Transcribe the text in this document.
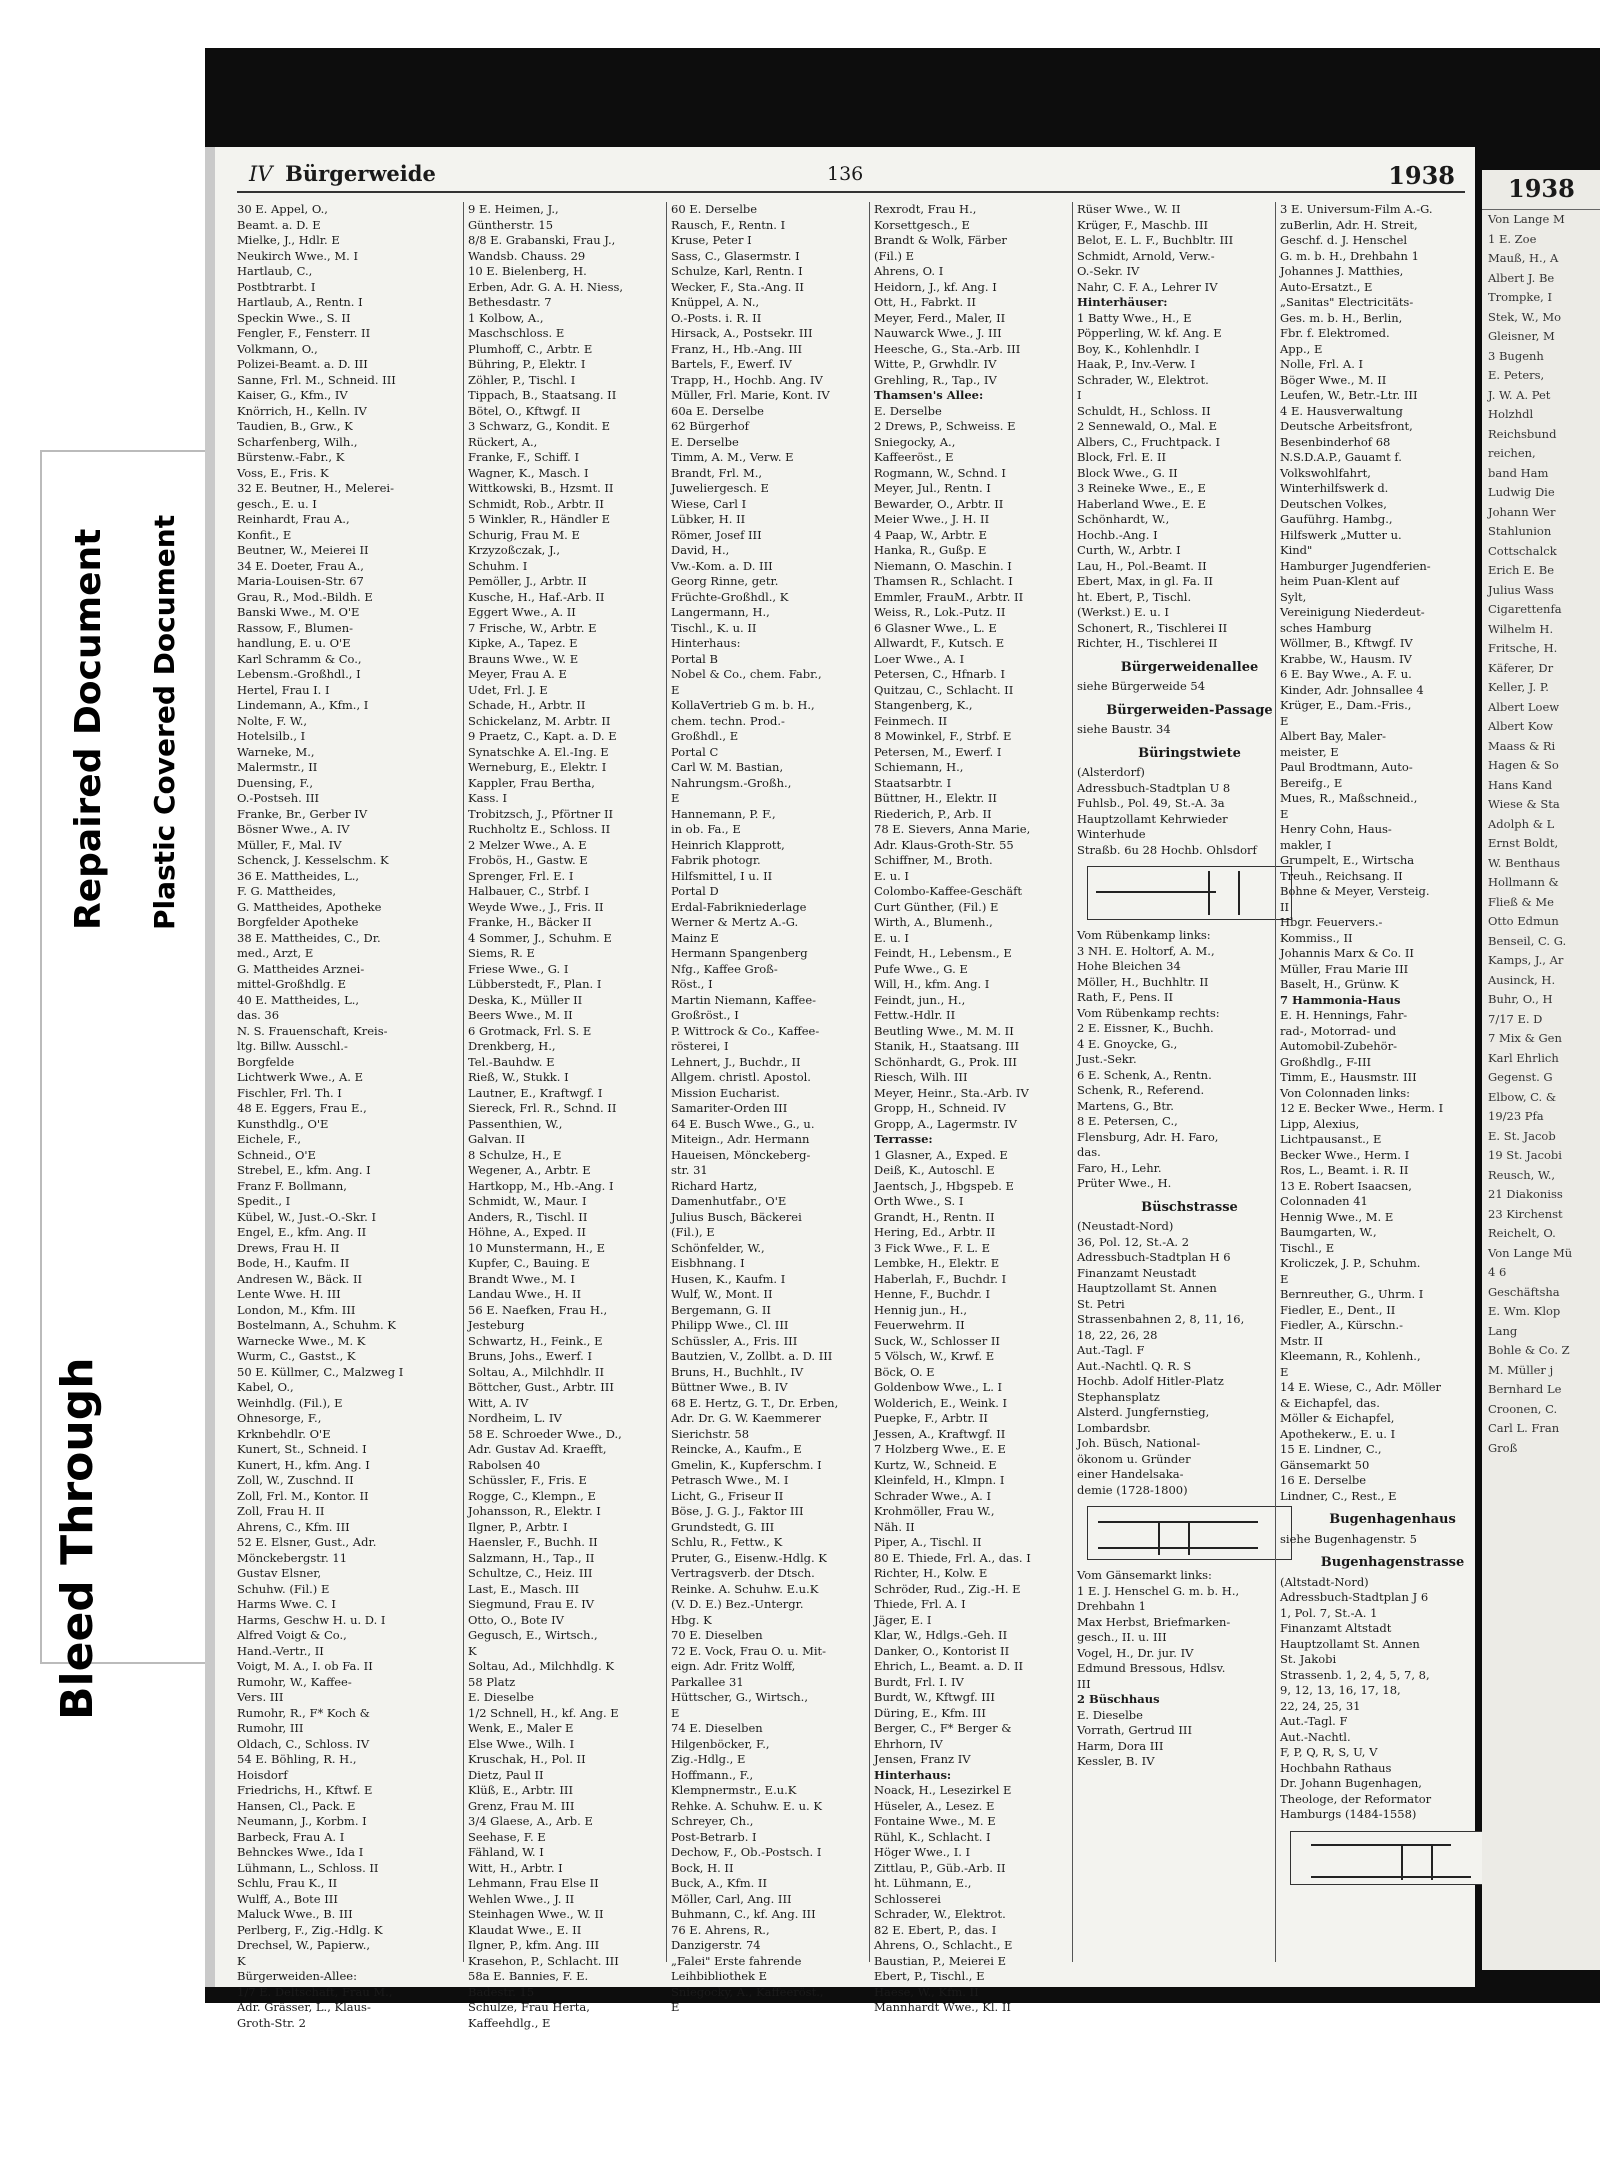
Bleed Through
Repaired Document Plastic Covered Document
IV Bürgerweide	136	1938
30 E. Appel, O.,
Beamt. a. D. E
Mielke, J., Hdlr. E
Neukirch Wwe., M. I
Hartlaub, C.,
Postbtrarbt. I
Hartlaub, A., Rentn. I
Speckin Wwe., S. II
Fengler, F., Fensterr. II
Volkmann, O.,
Polizei-Beamt. a. D. III
Sanne, Frl. M., Schneid. III
Kaiser, G., Kfm., IV
Knörrich, H., Kelln. IV
Taudien, B., Grw., K
Scharfenberg, Wilh.,
Bürstenw.-Fabr., K
Voss, E., Fris. K
32 E. Beutner, H., Melerei-
gesch., E. u. I
Reinhardt, Frau A.,
Konfit., E
Beutner, W., Meierei II
34 E. Doeter, Frau A.,
Maria-Louisen-Str. 67
Grau, R., Mod.-Bildh. E
Banski Wwe., M. O'E
Rassow, F., Blumen-
handlung, E. u. O'E
Karl Schramm & Co.,
Lebensm.-Großhdl., I
Hertel, Frau I. I
Lindemann, A., Kfm., I
Nolte, F. W.,
Hotelsilb., I
Warneke, M.,
Malermstr., II
Duensing, F.,
O.-Postseh. III
Franke, Br., Gerber IV
Bösner Wwe., A. IV
Müller, F., Mal. IV
Schenck, J. Kesselschm. K
36 E. Mattheides, L.,
F. G. Mattheides,
G. Mattheides, Apotheke
Borgfelder Apotheke
38 E. Mattheides, C., Dr.
med., Arzt, E
G. Mattheides Arznei-
mittel-Großhdlg. E
40 E. Mattheides, L.,
das. 36
N. S. Frauenschaft, Kreis-
ltg. Billw. Ausschl.-
Borgfelde
Lichtwerk Wwe., A. E
Fischler, Frl. Th. I
48 E. Eggers, Frau E.,
Kunsthdlg., O'E
Eichele, F.,
Schneid., O'E
Strebel, E., kfm. Ang. I
Franz F. Bollmann,
Spedit., I
Kübel, W., Just.-O.-Skr. I
Engel, E., kfm. Ang. II
Drews, Frau H. II
Bode, H., Kaufm. II
Andresen W., Bäck. II
Lente Wwe. H. III
London, M., Kfm. III
Bostelmann, A., Schuhm. K
Warnecke Wwe., M. K
Wurm, C., Gastst., K
50 E. Küllmer, C., Malzweg I
Kabel, O.,
Weinhdlg. (Fil.), E
Ohnesorge, F.,
Krknbehdlr. O'E
Kunert, St., Schneid. I
Kunert, H., kfm. Ang. I
Zoll, W., Zuschnd. II
Zoll, Frl. M., Kontor. II
Zoll, Frau H. II
Ahrens, C., Kfm. III
52 E. Elsner, Gust., Adr.
Mönckebergstr. 11
Gustav Elsner,
Schuhw. (Fil.) E
Harms Wwe. C. I
Harms, Geschw H. u. D. I
Alfred Voigt & Co.,
Hand.-Vertr., II
Voigt, M. A., I. ob Fa. II
Rumohr, W., Kaffee-
Vers. III
Rumohr, R., F* Koch &
Rumohr, III
Oldach, C., Schloss. IV
54 E. Böhling, R. H.,
Hoisdorf
Friedrichs, H., Kftwf. E
Hansen, Cl., Pack. E
Neumann, J., Korbm. I
Barbeck, Frau A. I
Behnckes Wwe., Ida I
Lühmann, L., Schloss. II
Schlu, Frau K., II
Wulff, A., Bote III
Maluck Wwe., B. III
Perlberg, F., Zig.-Hdlg. K
Drechsel, W., Papierw.,
K
Bürgerweiden-Allee:
1/7 E. Deltschaft, Frau M.,
Adr. Grässer, L., Klaus-
Groth-Str. 2
9 E. Heimen, J.,
Güntherstr. 15
8/8 E. Grabanski, Frau J.,
Wandsb. Chauss. 29
10 E. Bielenberg, H.
Erben, Adr. G. A. H. Niess,
Bethesdastr. 7
1 Kolbow, A.,
Maschschloss. E
Plumhoff, C., Arbtr. E
Bühring, P., Elektr. I
Zöhler, P., Tischl. I
Tippach, B., Staatsang. II
Bötel, O., Kftwgf. II
3 Schwarz, G., Kondit. E
Rückert, A.,
Franke, F., Schiff. I
Wagner, K., Masch. I
Wittkowski, B., Hzsmt. II
Schmidt, Rob., Arbtr. II
5 Winkler, R., Händler E
Schurig, Frau M. E
Krzyzoßczak, J.,
Schuhm. I
Pemöller, J., Arbtr. II
Kusche, H., Haf.-Arb. II
Eggert Wwe., A. II
7 Frische, W., Arbtr. E
Kipke, A., Tapez. E
Brauns Wwe., W. E
Meyer, Frau A. E
Udet, Frl. J. E
Schade, H., Arbtr. II
Schickelanz, M. Arbtr. II
9 Praetz, C., Kapt. a. D. E
Synatschke A. El.-Ing. E
Werneburg, E., Elektr. I
Kappler, Frau Bertha,
Kass. I
Trobitzsch, J., Pförtner II
Ruchholtz E., Schloss. II
2 Melzer Wwe., A. E
Frobös, H., Gastw. E
Sprenger, Frl. E. I
Halbauer, C., Strbf. I
Weyde Wwe., J., Fris. II
Franke, H., Bäcker II
4 Sommer, J., Schuhm. E
Siems, R. E
Friese Wwe., G. I
Lübberstedt, F., Plan. I
Deska, K., Müller II
Beers Wwe., M. II
6 Grotmack, Frl. S. E
Drenkberg, H.,
Tel.-Bauhdw. E
Rieß, W., Stukk. I
Lautner, E., Kraftwgf. I
Siereck, Frl. R., Schnd. II
Passenthien, W.,
Galvan. II
8 Schulze, H., E
Wegener, A., Arbtr. E
Hartkopp, M., Hb.-Ang. I
Schmidt, W., Maur. I
Anders, R., Tischl. II
Höhne, A., Exped. II
10 Munstermann, H., E
Kupfer, C., Bauing. E
Brandt Wwe., M. I
Landau Wwe., H. II
56 E. Naefken, Frau H.,
Jesteburg
Schwartz, H., Feink., E
Bruns, Johs., Ewerf. I
Soltau, A., Milchhdlr. II
Böttcher, Gust., Arbtr. III
Witt, A. IV
Nordheim, L. IV
58 E. Schroeder Wwe., D.,
Adr. Gustav Ad. Kraefft,
Rabolsen 40
Schüssler, F., Fris. E
Rogge, C., Klempn., E
Johansson, R., Elektr. I
Ilgner, P., Arbtr. I
Haensler, F., Buchh. II
Salzmann, H., Tap., II
Schultze, C., Heiz. III
Last, E., Masch. III
Siegmund, Frau E. IV
Otto, O., Bote IV
Gegusch, E., Wirtsch.,
K
Soltau, Ad., Milchhdlg. K
58 Platz
E. Dieselbe
1/2 Schnell, H., kf. Ang. E
Wenk, E., Maler E
Else Wwe., Wilh. I
Kruschak, H., Pol. II
Dietz, Paul II
Klüß, E., Arbtr. III
Grenz, Frau M. III
3/4 Glaese, A., Arb. E
Seehase, F. E
Fähland, W. I
Witt, H., Arbtr. I
Lehmann, Frau Else II
Wehlen Wwe., J. II
Steinhagen Wwe., W. II
Klaudat Wwe., E. II
Ilgner, P., kfm. Ang. III
Krasehon, P., Schlacht. III
58a E. Bannies, F. E.
Badestr. 15
Schulze, Frau Herta,
Kaffeehdlg., E
60 E. Derselbe
Rausch, F., Rentn. I
Kruse, Peter I
Sass, C., Glasermstr. I
Schulze, Karl, Rentn. I
Wecker, F., Sta.-Ang. II
Knüppel, A. N.,
O.-Posts. i. R. II
Hirsack, A., Postsekr. III
Franz, H., Hb.-Ang. III
Bartels, F., Ewerf. IV
Trapp, H., Hochb. Ang. IV
Müller, Frl. Marie, Kont. IV
60a E. Derselbe
62 Bürgerhof
E. Derselbe
Timm, A. M., Verw. E
Brandt, Frl. M.,
Juweliergesch. E
Wiese, Carl I
Lübker, H. II
Römer, Josef III
David, H.,
Vw.-Kom. a. D. III
Georg Rinne, getr.
Früchte-Großhdl., K
Langermann, H.,
Tischl., K. u. II
Hinterhaus:
Portal B
Nobel & Co., chem. Fabr.,
E
KollaVertrieb G m. b. H.,
chem. techn. Prod.-
Großhdl., E
Portal C
Carl W. M. Bastian,
Nahrungsm.-Großh.,
E
Hannemann, P. F.,
in ob. Fa., E
Heinrich Klapprott,
Fabrik photogr.
Hilfsmittel, I u. II
Portal D
Erdal-Fabrikniederlage
Werner & Mertz A.-G.
Mainz E
Hermann Spangenberg
Nfg., Kaffee Groß-
Röst., I
Martin Niemann, Kaffee-
Großröst., I
P. Wittrock & Co., Kaffee-
rösterei, I
Lehnert, J., Buchdr., II
Allgem. christl. Apostol.
Mission Eucharist.
Samariter-Orden III
64 E. Busch Wwe., G., u.
Miteign., Adr. Hermann
Haueisen, Mönckeberg-
str. 31
Richard Hartz,
Damenhutfabr., O'E
Julius Busch, Bäckerei
(Fil.), E
Schönfelder, W.,
Eisbhnang. I
Husen, K., Kaufm. I
Wulf, W., Mont. II
Bergemann, G. II
Philipp Wwe., Cl. III
Schüssler, A., Fris. III
Bautzien, V., Zollbt. a. D. III
Bruns, H., Buchhlt., IV
Büttner Wwe., B. IV
68 E. Hertz, G. T., Dr. Erben,
Adr. Dr. G. W. Kaemmerer
Sierichstr. 58
Reincke, A., Kaufm., E
Gmelin, K., Kupferschm. I
Petrasch Wwe., M. I
Licht, G., Friseur II
Böse, J. G. J., Faktor III
Grundstedt, G. III
Schlu, R., Fettw., K
Pruter, G., Eisenw.-Hdlg. K
Vertragsverb. der Dtsch.
Reinke. A. Schuhw. E.u.K
(V. D. E.) Bez.-Untergr.
Hbg. K
70 E. Dieselben
72 E. Vock, Frau O. u. Mit-
eign. Adr. Fritz Wolff,
Parkallee 31
Hüttscher, G., Wirtsch.,
E
74 E. Dieselben
Hilgenböcker, F.,
Zig.-Hdlg., E
Hoffmann., F.,
Klempnermstr., E.u.K
Rehke. A. Schuhw. E. u. K
Schreyer, Ch.,
Post-Betrarb. I
Dechow, F., Ob.-Postsch. I
Bock, H. II
Buck, A., Kfm. II
Möller, Carl, Ang. III
Buhmann, C., kf. Ang. III
76 E. Ahrens, R.,
Danzigerstr. 74
„Falei" Erste fahrende
Leihbibliothek E
Sniegocky, A., Kaffeeröst.,
E
Rexrodt, Frau H.,
Korsettgesch., E
Brandt & Wolk, Färber
(Fil.) E
Ahrens, O. I
Heidorn, J., kf. Ang. I
Ott, H., Fabrkt. II
Meyer, Ferd., Maler, II
Nauwarck Wwe., J. III
Heesche, G., Sta.-Arb. III
Witte, P., Grwhdlr. IV
Grehling, R., Tap., IV
Thamsen's Allee:
E. Derselbe
2 Drews, P., Schweiss. E
Sniegocky, A.,
Kaffeeröst., E
Rogmann, W., Schnd. I
Meyer, Jul., Rentn. I
Bewarder, O., Arbtr. II
Meier Wwe., J. H. II
4 Paap, W., Arbtr. E
Hanka, R., Gußp. E
Niemann, O. Maschin. I
Thamsen R., Schlacht. I
Emmler, FrauM., Arbtr. II
Weiss, R., Lok.-Putz. II
6 Glasner Wwe., L. E
Allwardt, F., Kutsch. E
Loer Wwe., A. I
Petersen, C., Hfnarb. I
Quitzau, C., Schlacht. II
Stangenberg, K.,
Feinmech. II
8 Mowinkel, F., Strbf. E
Petersen, M., Ewerf. I
Schiemann, H.,
Staatsarbtr. I
Büttner, H., Elektr. II
Riederich, P., Arb. II
78 E. Sievers, Anna Marie,
Adr. Klaus-Groth-Str. 55
Schiffner, M., Broth.
E. u. I
Colombo-Kaffee-Geschäft
Curt Günther, (Fil.) E
Wirth, A., Blumenh.,
E. u. I
Feindt, H., Lebensm., E
Pufe Wwe., G. E
Will, H., kfm. Ang. I
Feindt, jun., H.,
Fettw.-Hdlr. II
Beutling Wwe., M. M. II
Stanik, H., Staatsang. III
Schönhardt, G., Prok. III
Riesch, Wilh. III
Meyer, Heinr., Sta.-Arb. IV
Gropp, H., Schneid. IV
Gropp, A., Lagermstr. IV
Terrasse:
1 Glasner, A., Exped. E
Deiß, K., Autoschl. E
Jaentsch, J., Hbgspeb. E
Orth Wwe., S. I
Grandt, H., Rentn. II
Hering, Ed., Arbtr. II
3 Fick Wwe., F. L. E
Lembke, H., Elektr. E
Haberlah, F., Buchdr. I
Henne, F., Buchdr. I
Hennig jun., H.,
Feuerwehrm. II
Suck, W., Schlosser II
5 Völsch, W., Krwf. E
Böck, O. E
Goldenbow Wwe., L. I
Wolderich, E., Weink. I
Puepke, F., Arbtr. II
Jessen, A., Kraftwgf. II
7 Holzberg Wwe., E. E
Kurtz, W., Schneid. E
Kleinfeld, H., Klmpn. I
Schrader Wwe., A. I
Krohmöller, Frau W.,
Näh. II
Piper, A., Tischl. II
80 E. Thiede, Frl. A., das. I
Richter, H., Kolw. E
Schröder, Rud., Zig.-H. E
Thiede, Frl. A. I
Jäger, E. I
Klar, W., Hdlgs.-Geh. II
Danker, O., Kontorist II
Ehrich, L., Beamt. a. D. II
Burdt, Frl. I. IV
Burdt, W., Kftwgf. III
Düring, E., Kfm. III
Berger, C., F* Berger &
Ehrhorn, IV
Jensen, Franz IV
Hinterhaus:
Noack, H., Lesezirkel E
Hüseler, A., Lesez. E
Fontaine Wwe., M. E
Rühl, K., Schlacht. I
Höger Wwe., I. I
Zittlau, P., Güb.-Arb. II
ht. Lühmann, E.,
Schlosserei
Schrader, W., Elektrot.
82 E. Ebert, P., das. I
Ahrens, O., Schlacht., E
Baustian, P., Meierei E
Ebert, P., Tischl., E
Haese, W., Kfm. II
Mannhardt Wwe., Kl. II
Rüser Wwe., W. II
Krüger, F., Maschb. III
Belot, E. L. F., Buchbltr. III
Schmidt, Arnold, Verw.-
O.-Sekr. IV
Nahr, C. F. A., Lehrer IV
Hinterhäuser:
1 Batty Wwe., H., E
Pöpperling, W. kf. Ang. E
Boy, K., Kohlenhdlr. I
Haak, P., Inv.-Verw. I
Schrader, W., Elektrot.
I
Schuldt, H., Schloss. II
2 Sennewald, O., Mal. E
Albers, C., Fruchtpack. I
Block, Frl. E. II
Block Wwe., G. II
3 Reineke Wwe., E., E
Haberland Wwe., E. E
Schönhardt, W.,
Hochb.-Ang. I
Curth, W., Arbtr. I
Lau, H., Pol.-Beamt. II
Ebert, Max, in gl. Fa. II
ht. Ebert, P., Tischl.
(Werkst.) E. u. I
Schonert, R., Tischlerei II
Richter, H., Tischlerei II
Bürgerweidenallee
siehe Bürgerweide 54
Bürgerweiden-Passage
siehe Baustr. 34
Büringstwiete
(Alsterdorf)
Adressbuch-Stadtplan U 8
Fuhlsb., Pol. 49, St.-A. 3a
Hauptzollamt Kehrwieder
Winterhude
Straßb. 6u 28 Hochb. Ohlsdorf
Vom Rübenkamp links:
3 NH. E. Holtorf, A. M.,
Hohe Bleichen 34
Möller, H., Buchhltr. II
Rath, F., Pens. II
Vom Rübenkamp rechts:
2 E. Eissner, K., Buchh.
4 E. Gnoycke, G.,
Just.-Sekr.
6 E. Schenk, A., Rentn.
Schenk, R., Referend.
Martens, G., Btr.
8 E. Petersen, C.,
Flensburg, Adr. H. Faro,
das.
Faro, H., Lehr.
Prüter Wwe., H.
Büschstrasse
(Neustadt-Nord)
36, Pol. 12, St.-A. 2
Adressbuch-Stadtplan H 6
Finanzamt Neustadt
Hauptzollamt St. Annen
St. Petri
Strassenbahnen 2, 8, 11, 16,
18, 22, 26, 28
Aut.-Tagl. F
Aut.-Nachtl. Q. R. S
Hochb. Adolf Hitler-Platz
Stephansplatz
Alsterd. Jungfernstieg,
Lombardsbr.
Joh. Büsch, National-
ökonom u. Gründer
einer Handelsaka-
demie (1728-1800)
Vom Gänsemarkt links:
1 E. J. Henschel G. m. b. H.,
Drehbahn 1
Max Herbst, Briefmarken-
gesch., II. u. III
Vogel, H., Dr. jur. IV
Edmund Bressous, Hdlsv.
III
2 Büschhaus
E. Dieselbe
Vorrath, Gertrud III
Harm, Dora III
Kessler, B. IV
3 E. Universum-Film A.-G.
zuBerlin, Adr. H. Streit,
Geschf. d. J. Henschel
G. m. b. H., Drehbahn 1
Johannes J. Matthies,
Auto-Ersatzt., E
„Sanitas" Electricitäts-
Ges. m. b. H., Berlin,
Fbr. f. Elektromed.
App., E
Nolle, Frl. A. I
Böger Wwe., M. II
Leufen, W., Betr.-Ltr. III
4 E. Hausverwaltung
Deutsche Arbeitsfront,
Besenbinderhof 68
N.S.D.A.P., Gauamt f.
Volkswohlfahrt,
Winterhilfswerk d.
Deutschen Volkes,
Gauführg. Hambg.,
Hilfswerk „Mutter u.
Kind"
Hamburger Jugendferien-
heim Puan-Klent auf
Sylt,
Vereinigung Niederdeut-
sches Hamburg
Wöllmer, B., Kftwgf. IV
Krabbe, W., Hausm. IV
6 E. Bay Wwe., A. F. u.
Kinder, Adr. Johnsallee 4
Krüger, E., Dam.-Fris.,
E
Albert Bay, Maler-
meister, E
Paul Brodtmann, Auto-
Bereifg., E
Mues, R., Maßschneid.,
E
Henry Cohn, Haus-
makler, I
Grumpelt, E., Wirtscha
Treuh., Reichsang. II
Bohne & Meyer, Versteig.
II
Hbgr. Feuervers.-
Kommiss., II
Johannis Marx & Co. II
Müller, Frau Marie III
Baselt, H., Grünw. K
7 Hammonia-Haus
E. H. Hennings, Fahr-
rad-, Motorrad- und
Automobil-Zubehör-
Großhdlg., F-III
Timm, E., Hausmstr. III
Von Colonnaden links:
12 E. Becker Wwe., Herm. I
Lipp, Alexius,
Lichtpausanst., E
Becker Wwe., Herm. I
Ros, L., Beamt. i. R. II
13 E. Robert Isaacsen,
Colonnaden 41
Hennig Wwe., M. E
Baumgarten, W.,
Tischl., E
Kroliczek, J. P., Schuhm.
E
Bernreuther, G., Uhrm. I
Fiedler, E., Dent., II
Fiedler, A., Kürschn.-
Mstr. II
Kleemann, R., Kohlenh.,
E
14 E. Wiese, C., Adr. Möller
& Eichapfel, das.
Möller & Eichapfel,
Apothekerw., E. u. I
15 E. Lindner, C.,
Gänsemarkt 50
16 E. Derselbe
Lindner, C., Rest., E
Bugenhagenhaus
siehe Bugenhagenstr. 5
Bugenhagenstrasse
(Altstadt-Nord)
Adressbuch-Stadtplan J 6
1, Pol. 7, St.-A. 1
Finanzamt Altstadt
Hauptzollamt St. Annen
St. Jakobi
Strassenb. 1, 2, 4, 5, 7, 8,
9, 12, 13, 16, 17, 18,
22, 24, 25, 31
Aut.-Tagl. F
Aut.-Nachtl.
F, P, Q, R, S, U, V
Hochbahn Rathaus
Dr. Johann Bugenhagen,
Theologe, der Reformator
Hamburgs (1484-1558)
1938
Von Lange M
1 E. Zoe
Mauß, H., A
Albert J. Be
Trompke, I
Stek, W., Mo
Gleisner, M
3 Bugenh
E. Peters,
J. W. A. Pet
Holzhdl
Reichsbund
reichen,
band Ham
Ludwig Die
Johann Wer
Stahlunion
Cottschalck
Erich E. Be
Julius Wass
Cigarettenfa
Wilhelm H.
Fritsche, H.
Käferer, Dr
Keller, J. P.
Albert Loew
Albert Kow
Maass & Ri
Hagen & So
Hans Kand
Wiese & Sta
Adolph & L
Ernst Boldt,
W. Benthaus
Hollmann &
Fließ & Me
Otto Edmun
Benseil, C. G.
Kamps, J., Ar
Ausinck, H.
Buhr, O., H
7/17 E. D
7 Mix & Gen
Karl Ehrlich
Gegenst. G
Elbow, C. &
19/23 Pfa
E. St. Jacob
19 St. Jacobi
Reusch, W.,
21 Diakoniss
23 Kirchenst
Reichelt, O.
Von Lange Mü
4 6
Geschäftsha
E. Wm. Klop
Lang
Bohle & Co. Z
M. Müller j
Bernhard Le
Croonen, C.
Carl L. Fran
Groß
